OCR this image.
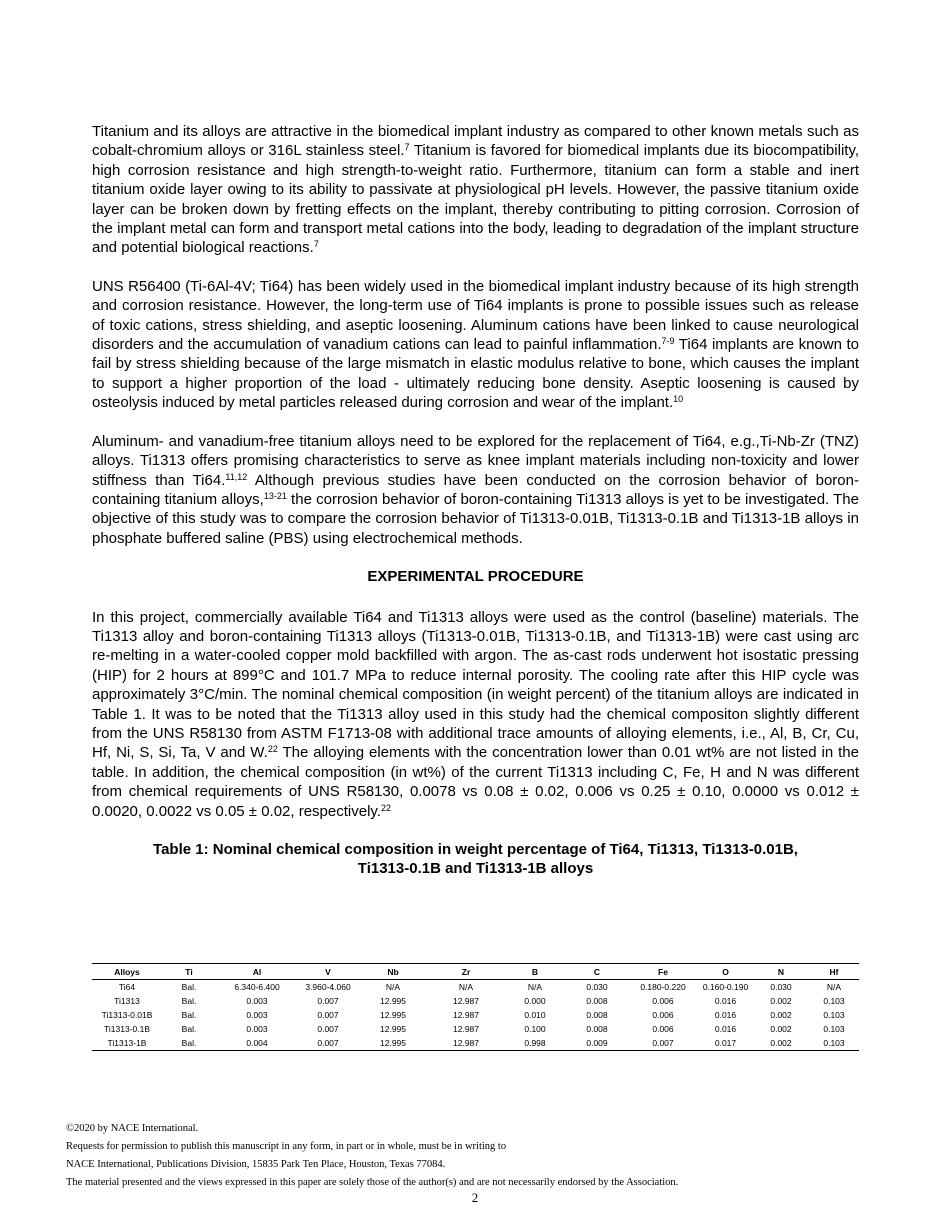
Titanium and its alloys are attractive in the biomedical implant industry as compared to other known metals such as cobalt-chromium alloys or 316L stainless steel.$^7$ Titanium is favored for biomedical implants due its biocompatibility, high corrosion resistance and high strength-to-weight ratio. Furthermore, titanium can form a stable and inert titanium oxide layer owing to its ability to passivate at physiological pH levels. However, the passive titanium oxide layer can be broken down by fretting effects on the implant, thereby contributing to pitting corrosion. Corrosion of the implant metal can form and transport metal cations into the body, leading to degradation of the implant structure and potential biological reactions.$^7$

UNS R56400 (Ti-6Al-4V; Ti64) has been widely used in the biomedical implant industry because of its high strength and corrosion resistance. However, the long-term use of Ti64 implants is prone to possible issues such as release of toxic cations, stress shielding, and aseptic loosening. Aluminum cations have been linked to cause neurological disorders and the accumulation of vanadium cations can lead to painful inflammation.$^{7-9}$ Ti64 implants are known to fail by stress shielding because of the large mismatch in elastic modulus relative to bone, which causes the implant to support a higher proportion of the load - ultimately reducing bone density. Aseptic loosening is caused by osteolysis induced by metal particles released during corrosion and wear of the implant.$^{10}$

Aluminum- and vanadium-free titanium alloys need to be explored for the replacement of Ti64, e.g.,Ti-Nb-Zr (TNZ) alloys. Ti1313 offers promising characteristics to serve as knee implant materials including non-toxicity and lower stiffness than Ti64.$^{11,12}$ Although previous studies have been conducted on the corrosion behavior of boron-containing titanium alloys,$^{13-21}$ the corrosion behavior of boron-containing Ti1313 alloys is yet to be investigated. The objective of this study was to compare the corrosion behavior of Ti1313-0.01B, Ti1313-0.1B and Ti1313-1B alloys in phosphate buffered saline (PBS) using electrochemical methods.

EXPERIMENTAL PROCEDURE

In this project, commercially available Ti64 and Ti1313 alloys were used as the control (baseline) materials. The Ti1313 alloy and boron-containing Ti1313 alloys (Ti1313-0.01B, Ti1313-0.1B, and Ti1313-1B) were cast using arc re-melting in a water-cooled copper mold backfilled with argon. The as-cast rods underwent hot isostatic pressing (HIP) for 2 hours at 899°C and 101.7 MPa to reduce internal porosity. The cooling rate after this HIP cycle was approximately 3°C/min. The nominal chemical composition (in weight percent) of the titanium alloys are indicated in Table 1. It was to be noted that the Ti1313 alloy used in this study had the chemical compositon slightly different from the UNS R58130 from ASTM F1713-08 with additional trace amounts of alloying elements, i.e., Al, B, Cr, Cu, Hf, Ni, S, Si, Ta, V and W.$^{22}$ The alloying elements with the concentration lower than 0.01 wt% are not listed in the table. In addition, the chemical composition (in wt%) of the current Ti1313 including C, Fe, H and N was different from chemical requirements of UNS R58130, 0.0078 vs 0.08 ± 0.02, 0.006 vs 0.25 ± 0.10, 0.0000 vs 0.012 ± 0.0020, 0.0022 vs 0.05 ± 0.02, respectively.$^{22}$

Table 1: Nominal chemical composition in weight percentage of Ti64, Ti1313, Ti1313-0.01B,
Ti1313-0.1B and Ti1313-1B alloys
Alloys	Ti	Al	V	Nb	Zr	B	C	Fe	O	N	Hf
Ti64	Bal.	6.340-6.400	3.960-4.060	N/A	N/A	N/A	0.030	0.180-0.220	0.160-0.190	0.030	N/A
Ti1313	Bal.	0.003	0.007	12.995	12.987	0.000	0.008	0.006	0.016	0.002	0.103
Ti1313-0.01B	Bal.	0.003	0.007	12.995	12.987	0.010	0.008	0.006	0.016	0.002	0.103
Ti1313-0.1B	Bal.	0.003	0.007	12.995	12.987	0.100	0.008	0.006	0.016	0.002	0.103
Ti1313-1B	Bal.	0.004	0.007	12.995	12.987	0.998	0.009	0.007	0.017	0.002	0.103
©2020 by NACE International.
Requests for permission to publish this manuscript in any form, in part or in whole, must be in writing to
NACE International, Publications Division, 15835 Park Ten Place, Houston, Texas 77084.
The material presented and the views expressed in this paper are solely those of the author(s) and are not necessarily endorsed by the Association.
2
